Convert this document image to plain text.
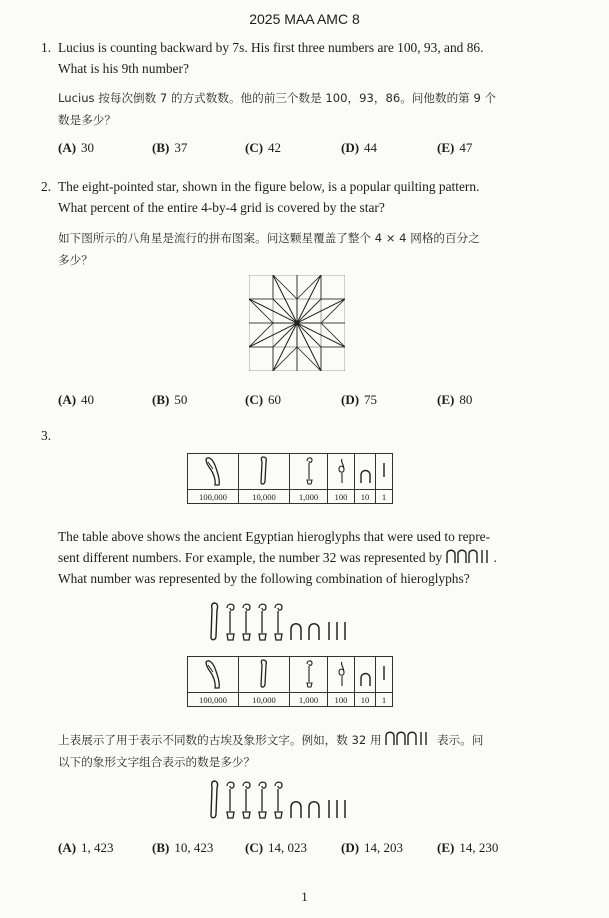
2025 MAA AMC 8
1. Lucius is counting backward by 7s. His first three numbers are 100, 93, and 86.
What is his 9th number?
Lucius 按每次倒数 7 的方式数数。他的前三个数是 100，93，86。问他数的第 9 个
数是多少？
(A) 30	(B) 37	(C) 42	(D) 44	(E) 47
2. The eight-pointed star, shown in the figure below, is a popular quilting pattern.
What percent of the entire 4-by-4 grid is covered by the star?
如下图所示的八角星是流行的拼布图案。问这颗星覆盖了整个 4 × 4 网格的百分之
多少？
(A) 40	(B) 50	(C) 60	(D) 75	(E) 80
3.

100,000	10,000	1,000	100	10	1
The table above shows the ancient Egyptian hieroglyphs that were used to repre-
sent different numbers. For example, the number 32 was represented by	.
What number was represented by the following combination of hieroglyphs?

100,000	10,000	1,000	100	10	1
上表展示了用于表示不同数的古埃及象形文字。例如，数 32 用	表示。问
以下的象形文字组合表示的数是多少？
(A) 1, 423	(B) 10, 423 (C) 14, 023	(D) 14, 203	(E) 14, 230
1
